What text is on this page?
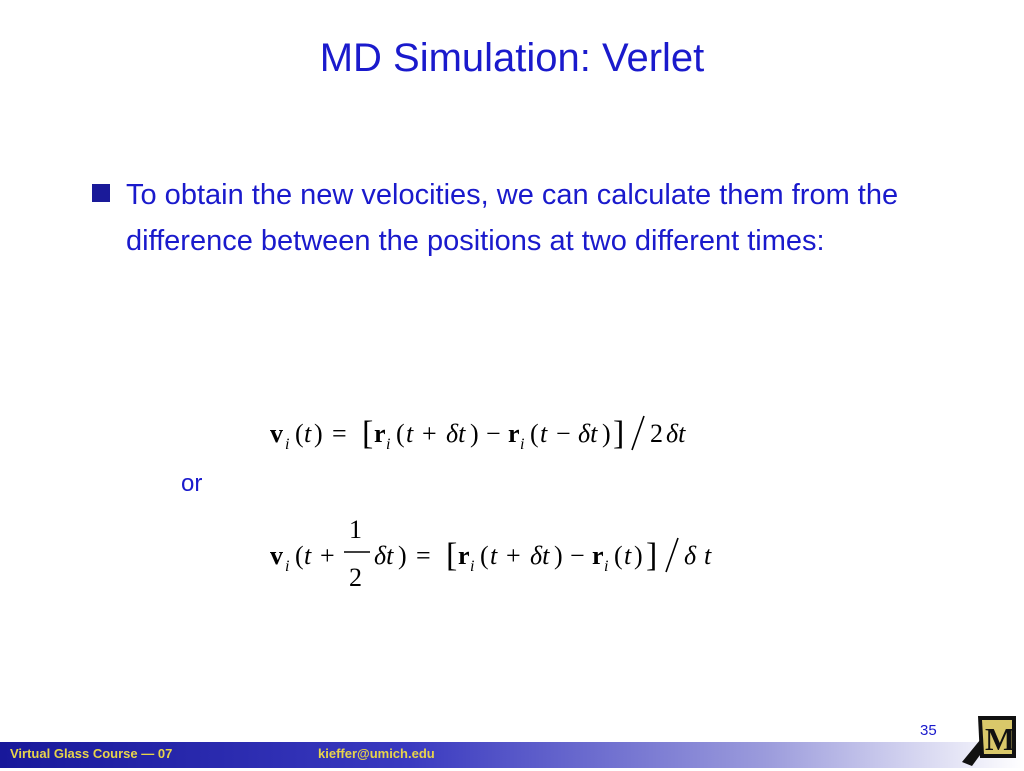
MD Simulation: Verlet
To obtain the new velocities, we can calculate them from the difference between the positions at two different times:
v i ( t ) = [ r i ( t + δt ) − r i ( t − δt ) ] 2 δt
or
v i ( t +
1
2
δt ) = [ r i ( t + δt ) − r i ( t ) ] δ t
35
Virtual Glass Course — 07	kieffer@umich.edu	M
